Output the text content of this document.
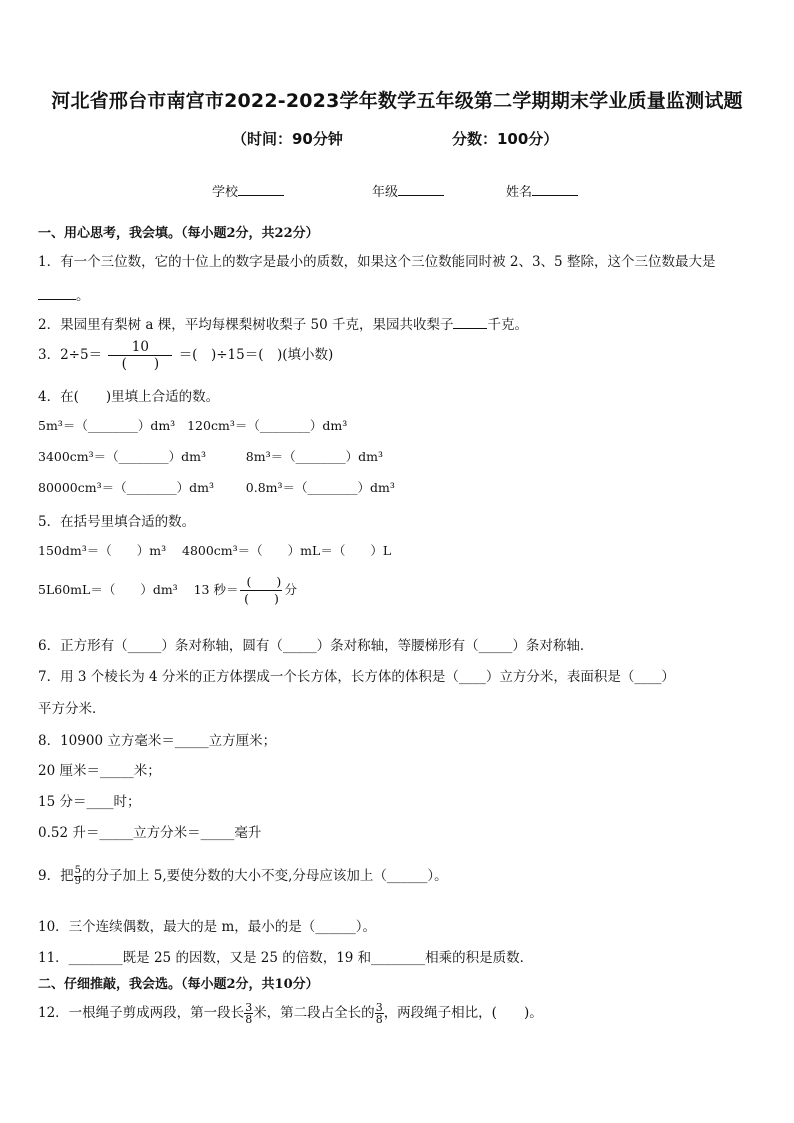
河北省邢台市南宫市2022-2023学年数学五年级第二学期期末学业质量监测试题
（时间：90分钟	分数：100分）
学校	年级	姓名
一、用心思考，我会填。（每小题2分，共22分）
1．有一个三位数，它的十位上的数字是最小的质数，如果这个三位数能同时被 2、3、5 整除，这个三位数最大是
。
2．果园里有梨树 a 棵，平均每棵梨树收梨子 50 千克，果园共收梨子	千克。
3．$2\div 5= \frac{10}{( )}$ ＝(　)÷15＝(　)(填小数)
4．在(　　)里填上合适的数。
5m³＝（________）dm³ 120cm³＝（________）dm³
3400cm³＝（________）dm³	8m³＝（________）dm³
80000cm³＝（________）dm³	0.8m³＝（________）dm³
5．在括号里填合适的数。
150dm³＝（　　）m³ 4800cm³＝（　　）mL＝（　　）L
5L60mL＝（　　）dm³ 13 秒＝ $\frac{( )}{( )}$ 分
6．正方形有（_____）条对称轴，圆有（_____）条对称轴，等腰梯形有（_____）条对称轴．
7．用 3 个棱长为 4 分米的正方体摆成一个长方体，长方体的体积是（____）立方分米，表面积是（____）
平方分米．
8．10900 立方毫米＝_____立方厘米；
20 厘米＝_____米；
15 分＝____时；
0.52 升＝_____立方分米＝_____毫升
9．把 $\frac{5}{9}$ 的分子加上 5,要使分数的大小不变,分母应该加上（______）。
10．三个连续偶数，最大的是 m，最小的是（______）。
11．________既是 25 的因数，又是 25 的倍数，19 和________相乘的积是质数．
二、仔细推敲，我会选。（每小题2分，共10分）
12．一根绳子剪成两段，第一段长 $\frac{3}{8}$ 米，第二段占全长的 $\frac{3}{8}$ ，两段绳子相比，(　　)。
